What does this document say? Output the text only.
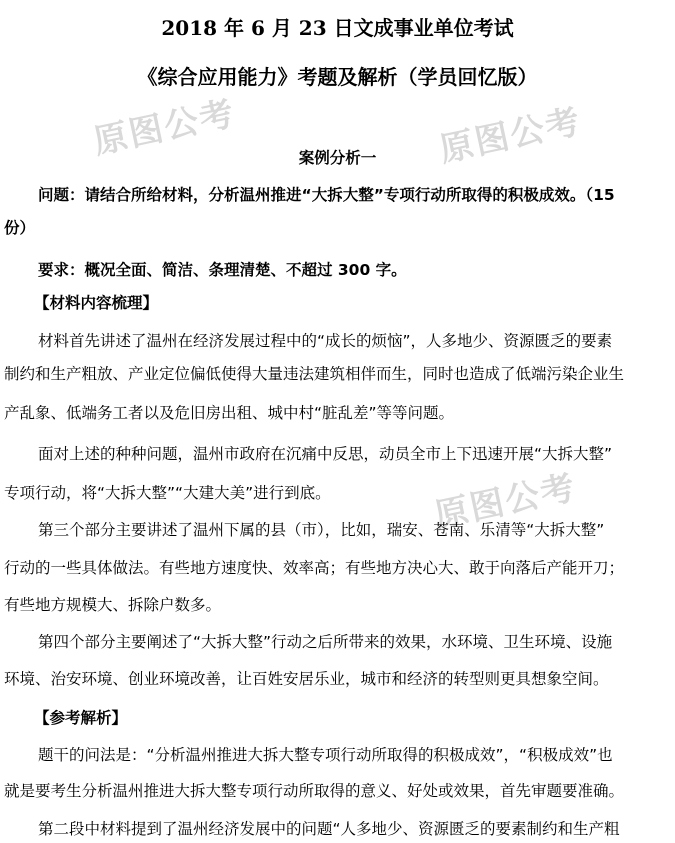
原图公考	原图公考
原图公考
2018 年 6 月 23 日文成事业单位考试
《综合应用能力》考题及解析（学员回忆版）
案例分析一
问题：请结合所给材料，分析温州推进“大拆大整”专项行动所取得的积极成效。（15
份）
要求：概况全面、简洁、条理清楚、不超过 300 字。
【材料内容梳理】
材料首先讲述了温州在经济发展过程中的“成长的烦恼”，人多地少、资源匮乏的要素
制约和生产粗放、产业定位偏低使得大量违法建筑相伴而生，同时也造成了低端污染企业生
产乱象、低端务工者以及危旧房出租、城中村“脏乱差”等等问题。
面对上述的种种问题，温州市政府在沉痛中反思，动员全市上下迅速开展“大拆大整”
专项行动，将“大拆大整”“大建大美”进行到底。
第三个部分主要讲述了温州下属的县（市），比如，瑞安、苍南、乐清等“大拆大整”
行动的一些具体做法。有些地方速度快、效率高；有些地方决心大、敢于向落后产能开刀；
有些地方规模大、拆除户数多。
第四个部分主要阐述了“大拆大整”行动之后所带来的效果，水环境、卫生环境、设施
环境、治安环境、创业环境改善，让百姓安居乐业，城市和经济的转型则更具想象空间。
【参考解析】
题干的问法是：“分析温州推进大拆大整专项行动所取得的积极成效”，“积极成效”也
就是要考生分析温州推进大拆大整专项行动所取得的意义、好处或效果，首先审题要准确。
第二段中材料提到了温州经济发展中的问题“人多地少、资源匮乏的要素制约和生产粗
